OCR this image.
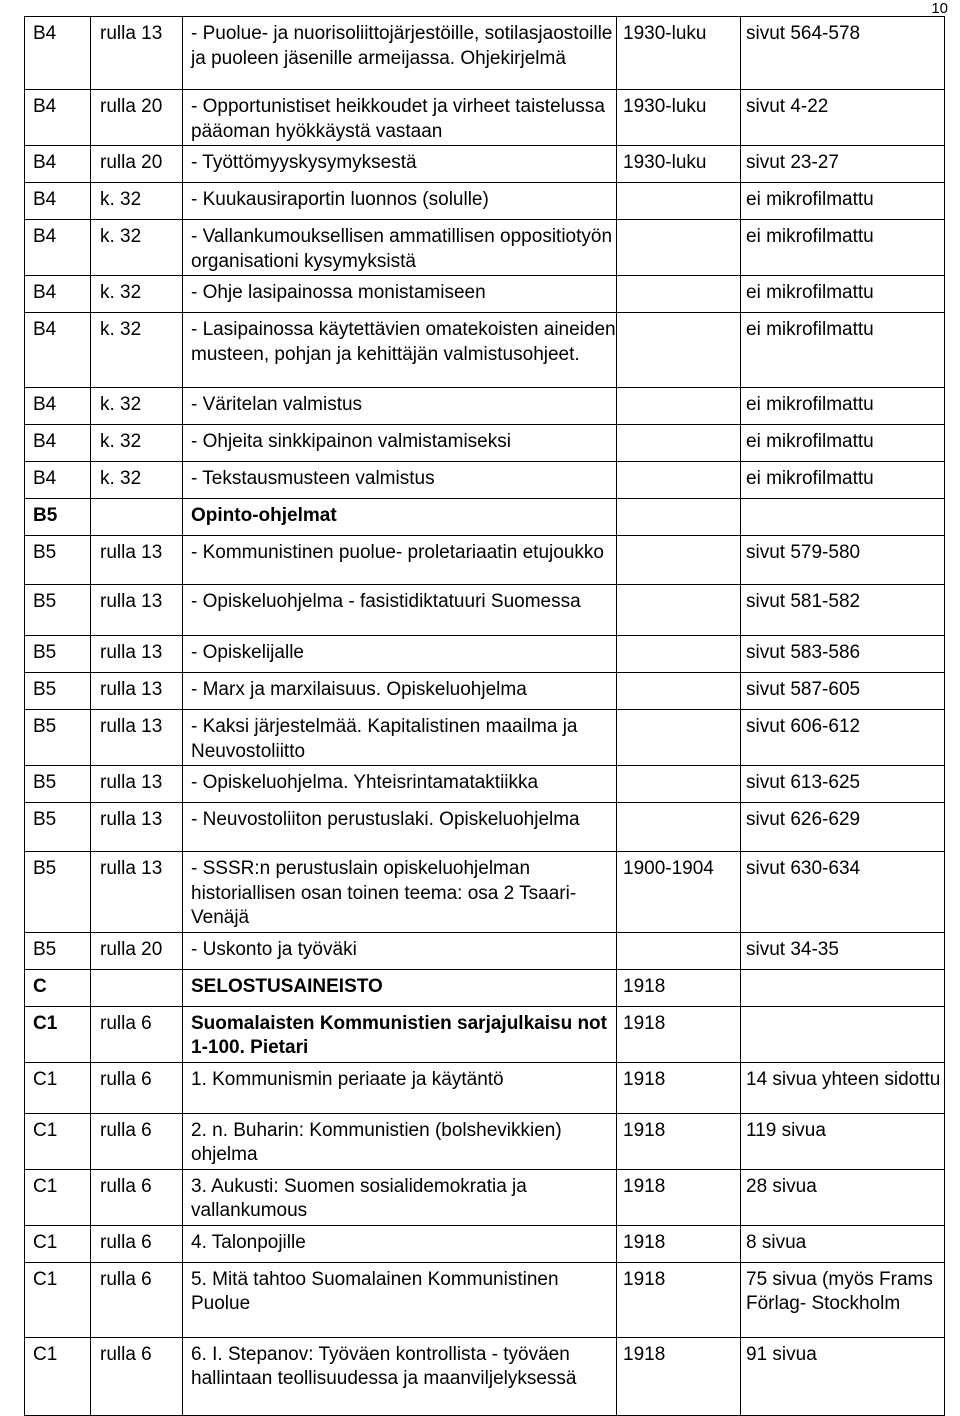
10
B4	rulla 13	- Puolue- ja nuorisoliittojärjestöille, sotilasjaostoille ja puoleen jäsenille armeijassa. Ohjekirjelmä	1930-luku	sivut 564-578
B4	rulla 20	- Opportunistiset heikkoudet ja virheet taistelussa pääoman hyökkäystä vastaan	1930-luku	sivut 4-22
B4	rulla 20	- Työttömyyskysymyksestä	1930-luku	sivut 23-27
B4	k. 32	- Kuukausiraportin luonnos (solulle)		ei mikrofilmattu
B4	k. 32	- Vallankumouksellisen ammatillisen oppositiotyön organisationi kysymyksistä		ei mikrofilmattu
B4	k. 32	- Ohje lasipainossa monistamiseen		ei mikrofilmattu
B4	k. 32	- Lasipainossa käytettävien omatekoisten aineiden musteen, pohjan ja kehittäjän valmistusohjeet.		ei mikrofilmattu
B4	k. 32	- Väritelan valmistus		ei mikrofilmattu
B4	k. 32	- Ohjeita sinkkipainon valmistamiseksi		ei mikrofilmattu
B4	k. 32	- Tekstausmusteen valmistus		ei mikrofilmattu
B5		Opinto-ohjelmat		
B5	rulla 13	- Kommunistinen puolue- proletariaatin etujoukko		sivut 579-580
B5	rulla 13	- Opiskeluohjelma - fasistidiktatuuri Suomessa		sivut 581-582
B5	rulla 13	- Opiskelijalle		sivut 583-586
B5	rulla 13	- Marx ja marxilaisuus. Opiskeluohjelma		sivut 587-605
B5	rulla 13	- Kaksi järjestelmää. Kapitalistinen maailma ja Neuvostoliitto		sivut 606-612
B5	rulla 13	- Opiskeluohjelma. Yhteisrintamataktiikka		sivut 613-625
B5	rulla 13	- Neuvostoliiton perustuslaki. Opiskeluohjelma		sivut 626-629
B5	rulla 13	- SSSR:n perustuslain opiskeluohjelman historiallisen osan toinen teema: osa 2 Tsaari-Venäjä	1900-1904	sivut 630-634
B5	rulla 20	- Uskonto ja työväki		sivut 34-35
C		SELOSTUSAINEISTO	1918	
C1	rulla 6	Suomalaisten Kommunistien sarjajulkaisu not 1-100. Pietari	1918	
C1	rulla 6	1. Kommunismin periaate ja käytäntö	1918	14 sivua yhteen sidottu
C1	rulla 6	2. n. Buharin: Kommunistien (bolshevikkien) ohjelma	1918	119 sivua
C1	rulla 6	3. Aukusti: Suomen sosialidemokratia ja vallankumous	1918	28 sivua
C1	rulla 6	4. Talonpojille	1918	8 sivua
C1	rulla 6	5. Mitä tahtoo Suomalainen Kommunistinen Puolue	1918	75 sivua (myös Frams Förlag- Stockholm
C1	rulla 6	6. I. Stepanov: Työväen kontrollista - työväen hallintaan teollisuudessa ja maanviljelyksessä	1918	91 sivua
